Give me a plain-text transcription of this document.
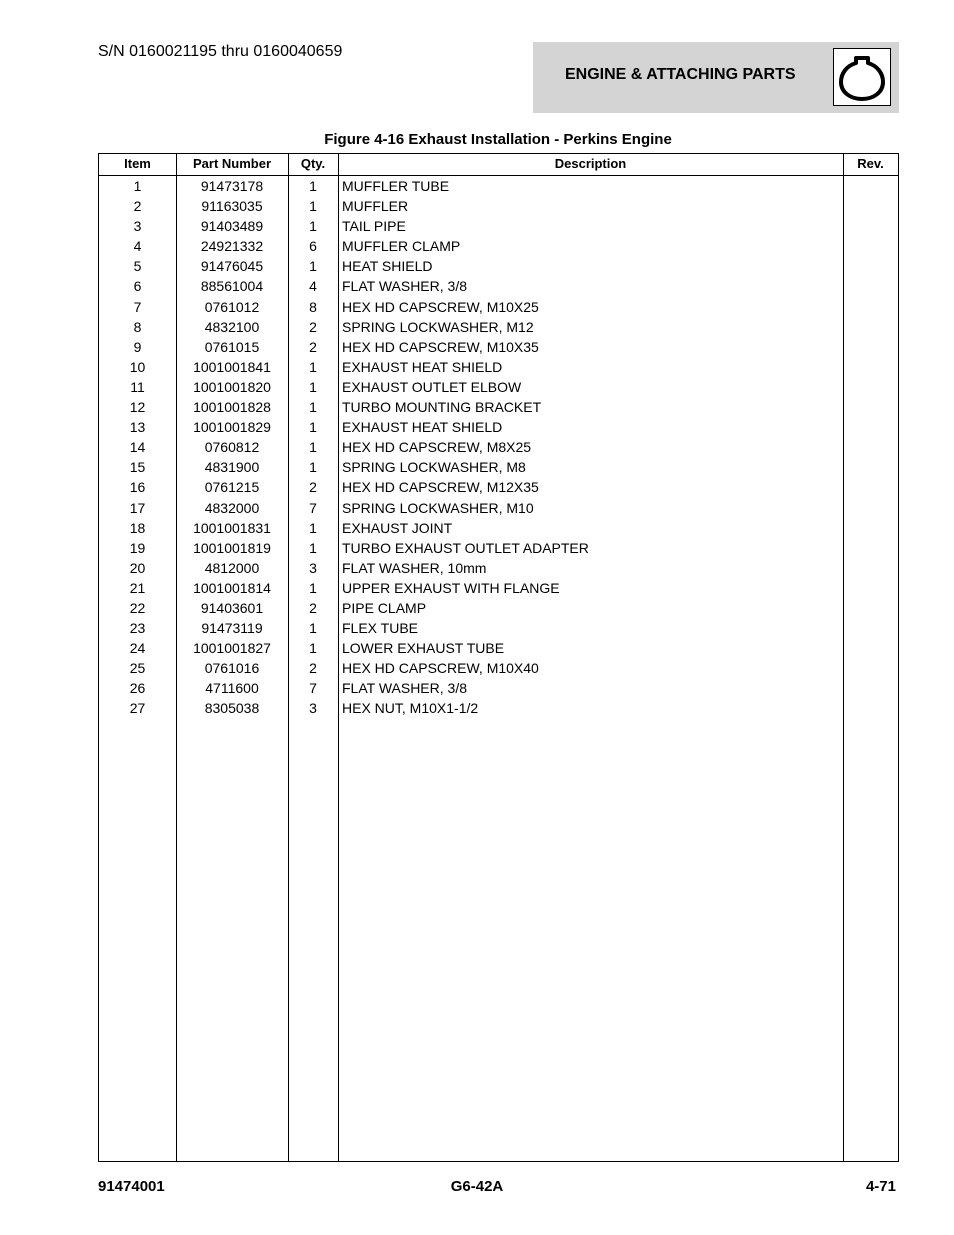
S/N 0160021195 thru 0160040659
ENGINE & ATTACHING PARTS
Figure 4-16 Exhaust Installation - Perkins Engine
Item	Part Number	Qty.	Description	Rev.
1	91473178	1	MUFFLER TUBE
2	91163035	1	MUFFLER
3	91403489	1	TAIL PIPE
4	24921332	6	MUFFLER CLAMP
5	91476045	1	HEAT SHIELD
6	88561004	4	FLAT WASHER, 3/8
7	0761012	8	HEX HD CAPSCREW, M10X25
8	4832100	2	SPRING LOCKWASHER, M12
9	0761015	2	HEX HD CAPSCREW, M10X35
10	1001001841	1	EXHAUST HEAT SHIELD
11	1001001820	1	EXHAUST OUTLET ELBOW
12	1001001828	1	TURBO MOUNTING BRACKET
13	1001001829	1	EXHAUST HEAT SHIELD
14	0760812	1	HEX HD CAPSCREW, M8X25
15	4831900	1	SPRING LOCKWASHER, M8
16	0761215	2	HEX HD CAPSCREW, M12X35
17	4832000	7	SPRING LOCKWASHER, M10
18	1001001831	1	EXHAUST JOINT
19	1001001819	1	TURBO EXHAUST OUTLET ADAPTER
20	4812000	3	FLAT WASHER, 10mm
21	1001001814	1	UPPER EXHAUST WITH FLANGE
22	91403601	2	PIPE CLAMP
23	91473119	1	FLEX TUBE
24	1001001827	1	LOWER EXHAUST TUBE
25	0761016	2	HEX HD CAPSCREW, M10X40
26	4711600	7	FLAT WASHER, 3/8
27	8305038	3	HEX NUT, M10X1-1/2
91474001	G6-42A	4-71
